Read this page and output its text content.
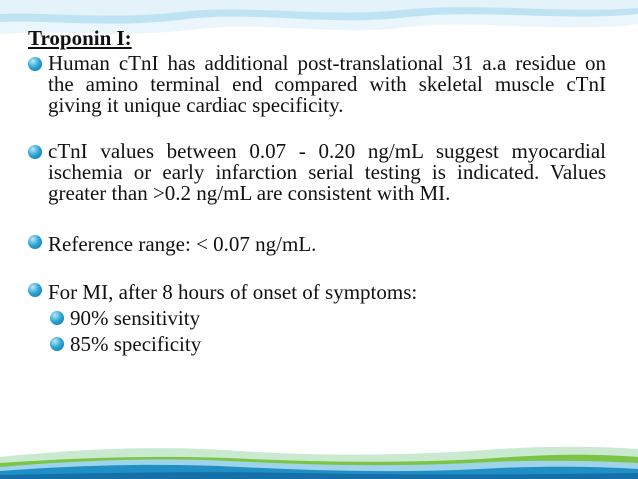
Troponin I:

Human cTnI has additional post-translational 31 a.a residue on the amino terminal end compared with skeletal muscle cTnI giving it unique cardiac specificity.

cTnI values between 0.07 - 0.20 ng/mL suggest myocardial ischemia or early infarction serial testing is indicated. Values greater than >0.2 ng/mL are consistent with MI.

Reference range: < 0.07 ng/mL.

For MI, after 8 hours of onset of symptoms:

90% sensitivity

85% specificity
